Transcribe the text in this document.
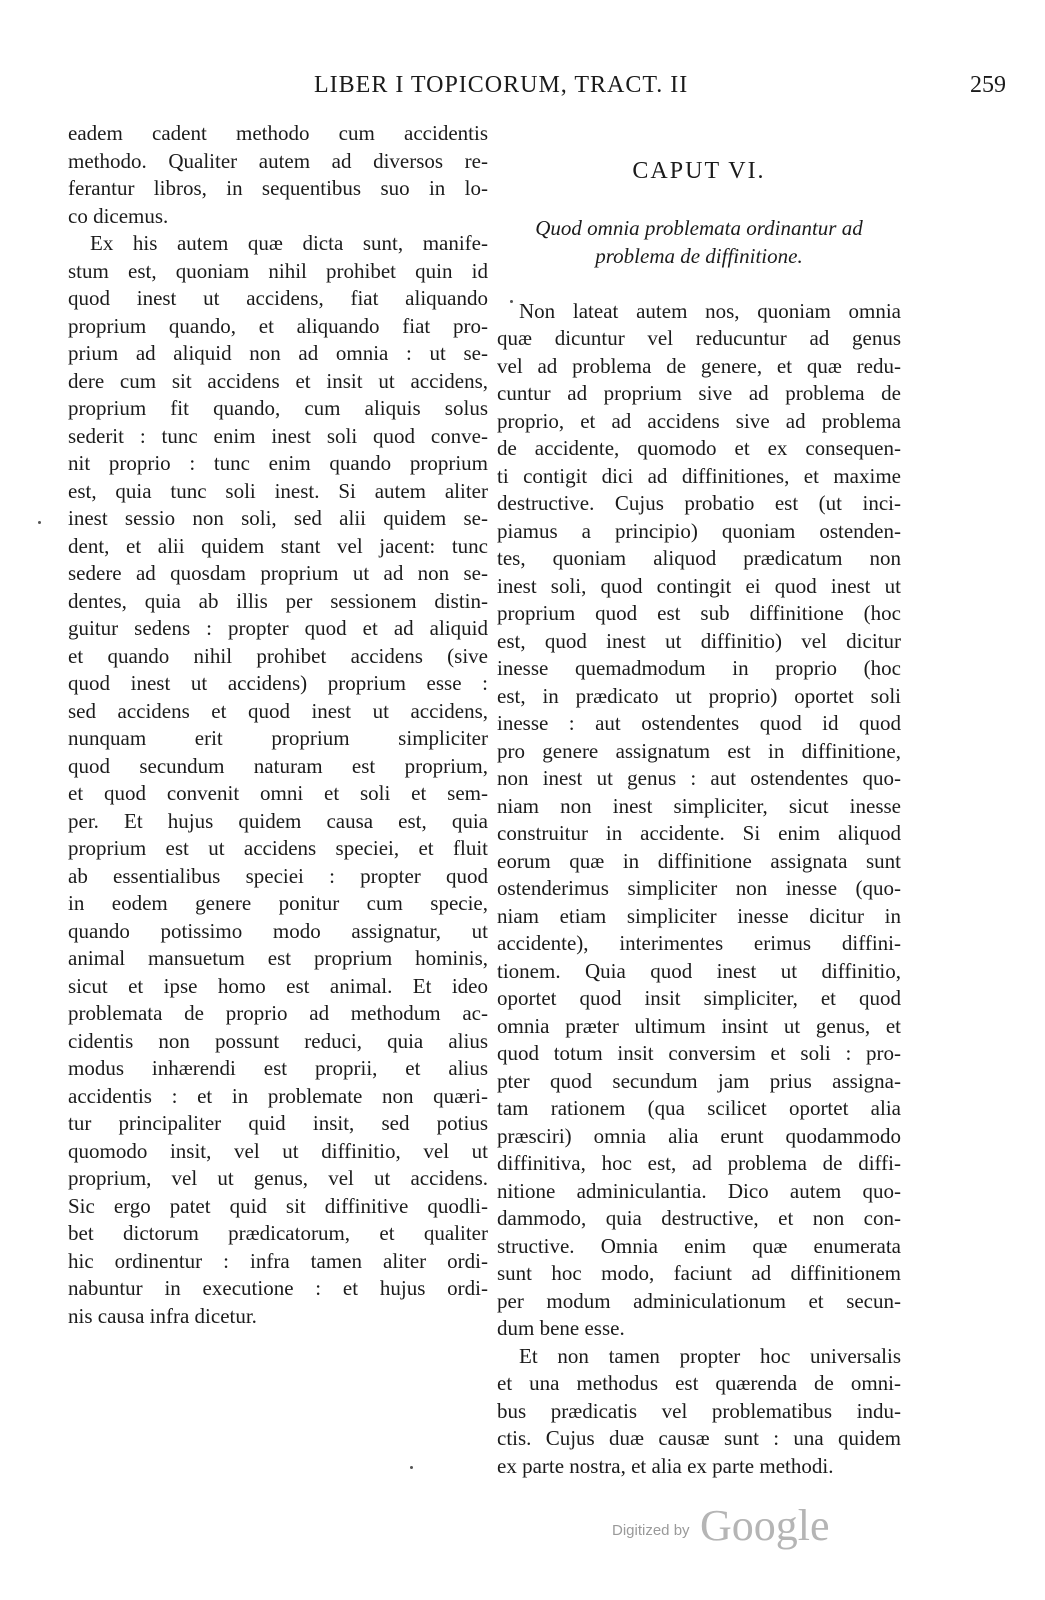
LIBER I TOPICORUM, TRACT. II	259
eadem cadent methodo cum accidentis
methodo. Qualiter autem ad diversos re-
ferantur libros, in sequentibus suo in lo-
co dicemus.
Ex his autem quæ dicta sunt, manife-
stum est, quoniam nihil prohibet quin id
quod inest ut accidens, fiat aliquando
proprium quando, et aliquando fiat pro-
prium ad aliquid non ad omnia : ut se-
dere cum sit accidens et insit ut accidens,
proprium fit quando, cum aliquis solus
sederit : tunc enim inest soli quod conve-
nit proprio : tunc enim quando proprium
est, quia tunc soli inest. Si autem aliter
inest sessio non soli, sed alii quidem se-
dent, et alii quidem stant vel jacent: tunc
sedere ad quosdam proprium ut ad non se-
dentes, quia ab illis per sessionem distin-
guitur sedens : propter quod et ad aliquid
et quando nihil prohibet accidens (sive
quod inest ut accidens) proprium esse :
sed accidens et quod inest ut accidens,
nunquam erit proprium simpliciter
quod secundum naturam est proprium,
et quod convenit omni et soli et sem-
per. Et hujus quidem causa est, quia
proprium est ut accidens speciei, et fluit
ab essentialibus speciei : propter quod
in eodem genere ponitur cum specie,
quando potissimo modo assignatur, ut
animal mansuetum est proprium hominis,
sicut et ipse homo est animal. Et ideo
problemata de proprio ad methodum ac-
cidentis non possunt reduci, quia alius
modus inhærendi est proprii, et alius
accidentis : et in problemate non quæri-
tur principaliter quid insit, sed potius
quomodo insit, vel ut diffinitio, vel ut
proprium, vel ut genus, vel ut accidens.
Sic ergo patet quid sit diffinitive quodli-
bet dictorum prædicatorum, et qualiter
hic ordinentur : infra tamen aliter ordi-
nabuntur in executione : et hujus ordi-
nis causa infra dicetur.
CAPUT VI.
Quod omnia problemata ordinantur ad
problema de diffinitione.
Non lateat autem nos, quoniam omnia
quæ dicuntur vel reducuntur ad genus
vel ad problema de genere, et quæ redu-
cuntur ad proprium sive ad problema de
proprio, et ad accidens sive ad problema
de accidente, quomodo et ex consequen-
ti contigit dici ad diffinitiones, et maxime
destructive. Cujus probatio est (ut inci-
piamus a principio) quoniam ostenden-
tes, quoniam aliquod prædicatum non
inest soli, quod contingit ei quod inest ut
proprium quod est sub diffinitione (hoc
est, quod inest ut diffinitio) vel dicitur
inesse quemadmodum in proprio (hoc
est, in prædicato ut proprio) oportet soli
inesse : aut ostendentes quod id quod
pro genere assignatum est in diffinitione,
non inest ut genus : aut ostendentes quo-
niam non inest simpliciter, sicut inesse
construitur in accidente. Si enim aliquod
eorum quæ in diffinitione assignata sunt
ostenderimus simpliciter non inesse (quo-
niam etiam simpliciter inesse dicitur in
accidente), interimentes erimus diffini-
tionem. Quia quod inest ut diffinitio,
oportet quod insit simpliciter, et quod
omnia præter ultimum insint ut genus, et
quod totum insit conversim et soli : pro-
pter quod secundum jam prius assigna-
tam rationem (qua scilicet oportet alia
præsciri) omnia alia erunt quodammodo
diffinitiva, hoc est, ad problema de diffi-
nitione adminiculantia. Dico autem quo-
dammodo, quia destructive, et non con-
structive. Omnia enim quæ enumerata
sunt hoc modo, faciunt ad diffinitionem
per modum adminiculationum et secun-
dum bene esse.
Et non tamen propter hoc universalis
et una methodus est quærenda de omni-
bus prædicatis vel problematibus indu-
ctis. Cujus duæ causæ sunt : una quidem
ex parte nostra, et alia ex parte methodi.
Digitized by Google
